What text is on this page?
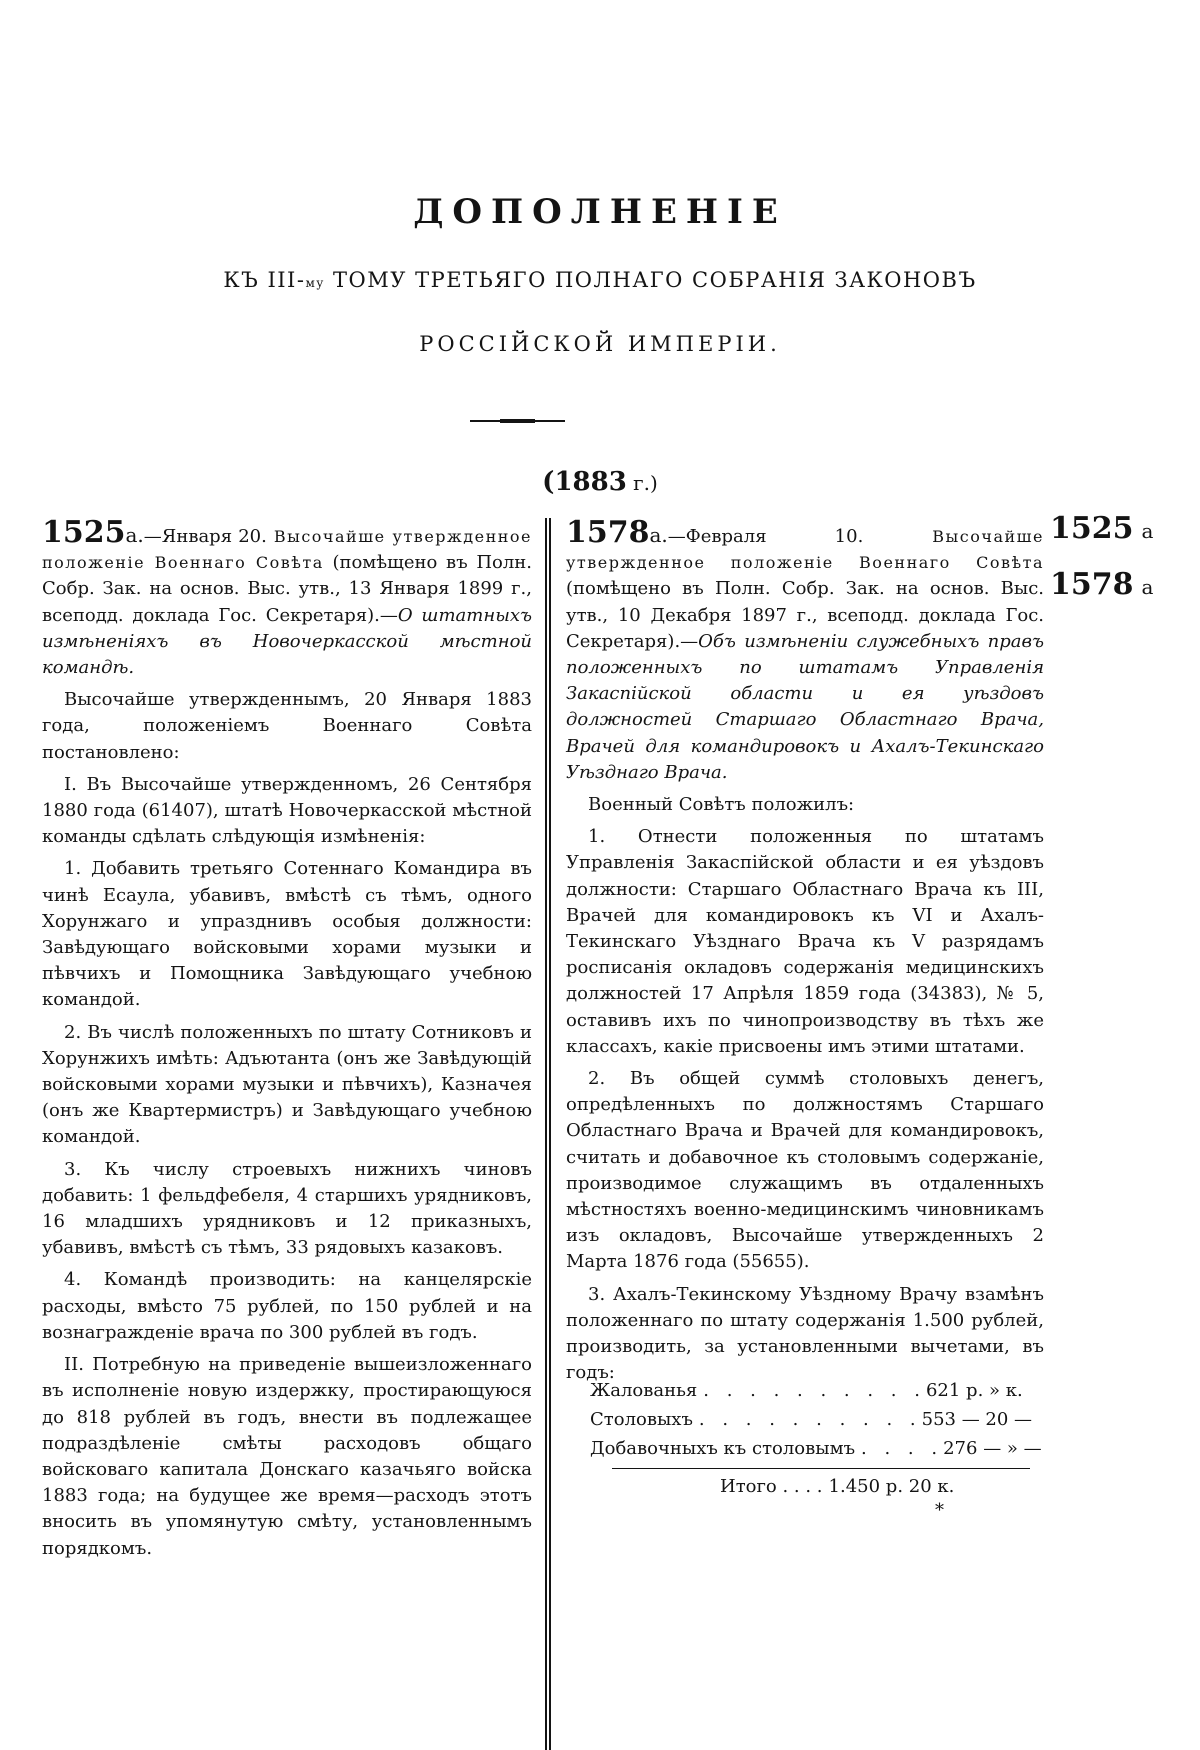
ДОПОЛНЕНІЕ
КЪ III-му ТОМУ ТРЕТЬЯГО ПОЛНАГО СОБРАНІЯ ЗАКОНОВЪ
РОССІЙСКОЙ ИМПЕРІИ.
(1883 г.)

1525а.—Января 20. Высочайше утвержденное положеніе Военнаго Совѣта (помѣщено въ Полн. Собр. Зак. на основ. Выс. утв., 13 Января 1899 г., всеподд. доклада Гос. Секретаря).—О штатныхъ измѣненіяхъ въ Новочеркасской мѣстной командѣ.

Высочайше утвержденнымъ, 20 Января 1883 года, положеніемъ Военнаго Совѣта постановлено:

I. Въ Высочайше утвержденномъ, 26 Сентября 1880 года (61407), штатѣ Новочеркасской мѣстной команды сдѣлать слѣдующія измѣненія:

1. Добавить третьяго Сотеннаго Командира въ чинѣ Есаула, убавивъ, вмѣстѣ съ тѣмъ, одного Хорунжаго и упразднивъ особыя должности: Завѣдующаго войсковыми хорами музыки и пѣвчихъ и Помощника Завѣдующаго учебною командой.

2. Въ числѣ положенныхъ по штату Сотниковъ и Хорунжихъ имѣть: Адъютанта (онъ же Завѣдующій войсковыми хорами музыки и пѣвчихъ), Казначея (онъ же Квартермистръ) и Завѣдующаго учебною командой.

3. Къ числу строевыхъ нижнихъ чиновъ добавить: 1 фельдфебеля, 4 старшихъ урядниковъ, 16 младшихъ урядниковъ и 12 приказныхъ, убавивъ, вмѣстѣ съ тѣмъ, 33 рядовыхъ казаковъ.

4. Командѣ производить: на канцелярскіе расходы, вмѣсто 75 рублей, по 150 рублей и на вознагражденіе врача по 300 рублей въ годъ.

II. Потребную на приведеніе вышеизложеннаго въ исполненіе новую издержку, простирающуюся до 818 рублей въ годъ, внести въ подлежащее подраздѣленіе смѣты расходовъ общаго войсковаго капитала Донскаго казачьяго войска 1883 года; на будущее же время—расходъ этотъ вносить въ упомянутую смѣту, установленнымъ порядкомъ.

1578а.—Февраля 10. Высочайше утвержденное положеніе Военнаго Совѣта (помѣщено въ Полн. Собр. Зак. на основ. Выс. утв., 10 Декабря 1897 г., всеподд. доклада Гос. Секретаря).—Объ измѣненіи служебныхъ правъ положенныхъ по штатамъ Управленія Закаспійской области и ея уѣздовъ должностей Старшаго Областнаго Врача, Врачей для командировокъ и Ахалъ-Текинскаго Уѣзднаго Врача.

Военный Совѣтъ положилъ:

1. Отнести положенныя по штатамъ Управленія Закаспійской области и ея уѣздовъ должности: Старшаго Областнаго Врача къ III, Врачей для командировокъ къ VI и Ахалъ-Текинскаго Уѣзднаго Врача къ V разрядамъ росписанія окладовъ содержанія медицинскихъ должностей 17 Апрѣля 1859 года (34383), № 5, оставивъ ихъ по чинопроизводству въ тѣхъ же классахъ, какіе присвоены имъ этими штатами.

2. Въ общей суммѣ столовыхъ денегъ, опредѣленныхъ по должностямъ Старшаго Областнаго Врача и Врачей для командировокъ, считать и добавочное къ столовымъ содержаніе, производимое служащимъ въ отдаленныхъ мѣстностяхъ военно-медицинскимъ чиновникамъ изъ окладовъ, Высочайше утвержденныхъ 2 Марта 1876 года (55655).

3. Ахалъ-Текинскому Уѣздному Врачу взамѣнъ положеннаго по штату содержанія 1.500 рублей, производить, за установленными вычетами, въ годъ:

Жалованья . . . . . . . . . . 621 р. » к.
Столовыхъ . . . . . . . . . . 553 — 20 —
Добавочныхъ къ столовымъ . . . . 276 — » —
Итого . . . . 1.450 р. 20 к.
*
1525 а
1578 а
